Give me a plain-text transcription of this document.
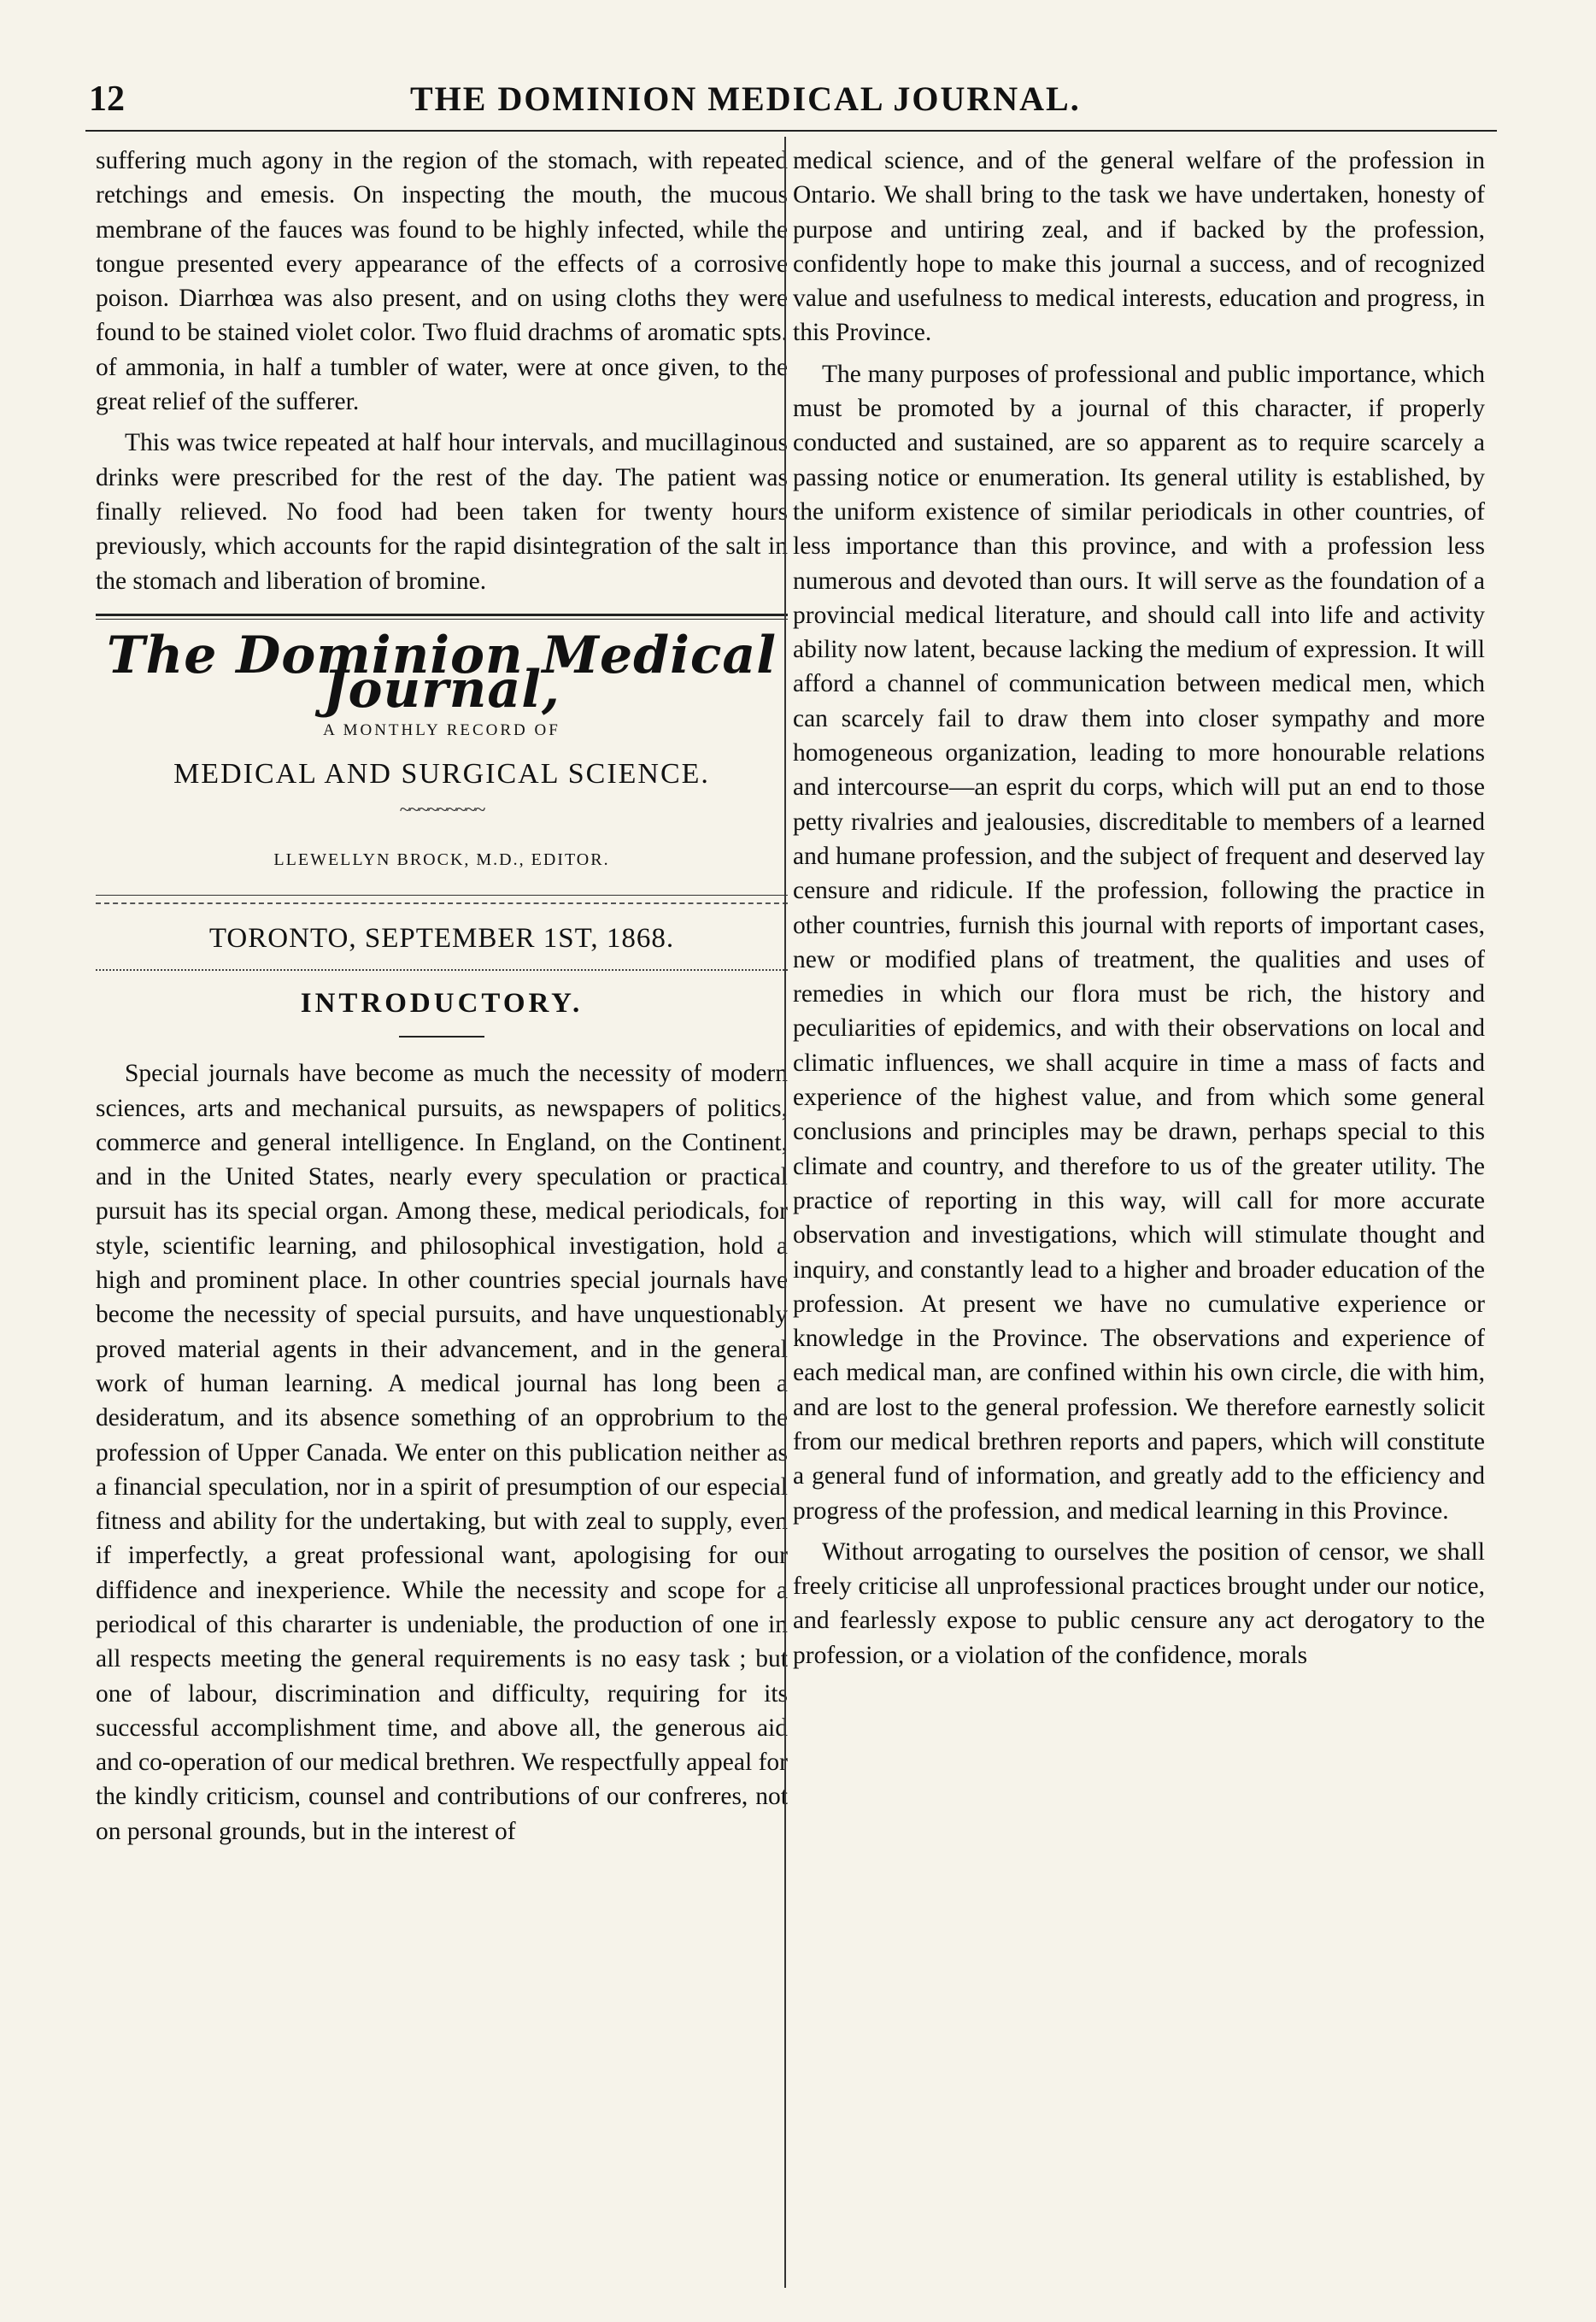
12	THE DOMINION MEDICAL JOURNAL.

suffering much agony in the region of the stomach, with repeated retchings and emesis. On inspecting the mouth, the mucous membrane of the fauces was found to be highly infected, while the tongue presented every appearance of the effects of a corrosive poison. Diarrhœa was also present, and on using cloths they were found to be stained violet color. Two fluid drachms of aromatic spts. of ammonia, in half a tumbler of water, were at once given, to the great relief of the sufferer.

This was twice repeated at half hour intervals, and mucillaginous drinks were prescribed for the rest of the day. The patient was finally relieved. No food had been taken for twenty hours previously, which accounts for the rapid disintegration of the salt in the stomach and liberation of bromine.

The Dominion Medical Journal,
A MONTHLY RECORD OF
MEDICAL AND SURGICAL SCIENCE.
~~~~~~~~~
LLEWELLYN BROCK, M.D., EDITOR.
TORONTO, SEPTEMBER 1ST, 1868.
INTRODUCTORY.

Special journals have become as much the necessity of modern sciences, arts and mechanical pursuits, as newspapers of politics, commerce and general intelligence. In England, on the Continent, and in the United States, nearly every speculation or practical pursuit has its special organ. Among these, medical periodicals, for style, scientific learning, and philosophical investigation, hold a high and prominent place. In other countries special journals have become the necessity of special pursuits, and have unquestionably proved material agents in their advancement, and in the general work of human learning. A medical journal has long been a desideratum, and its absence something of an opprobrium to the profession of Upper Canada. We enter on this publication neither as a financial speculation, nor in a spirit of presumption of our especial fitness and ability for the undertaking, but with zeal to supply, even if imperfectly, a great professional want, apologising for our diffidence and inexperience. While the necessity and scope for a periodical of this chararter is undeniable, the production of one in all respects meeting the general requirements is no easy task ; but one of labour, discrimination and difficulty, requiring for its successful accomplishment time, and above all, the generous aid and co-operation of our medical brethren. We respectfully appeal for the kindly criticism, counsel and contributions of our confreres, not on personal grounds, but in the interest of

medical science, and of the general welfare of the profession in Ontario. We shall bring to the task we have undertaken, honesty of purpose and untiring zeal, and if backed by the profession, confidently hope to make this journal a success, and of recognized value and usefulness to medical interests, education and progress, in this Province.

The many purposes of professional and public importance, which must be promoted by a journal of this character, if properly conducted and sustained, are so apparent as to require scarcely a passing notice or enumeration. Its general utility is established, by the uniform existence of similar periodicals in other countries, of less importance than this province, and with a profession less numerous and devoted than ours. It will serve as the foundation of a provincial medical literature, and should call into life and activity ability now latent, because lacking the medium of expression. It will afford a channel of communication between medical men, which can scarcely fail to draw them into closer sympathy and more homogeneous organization, leading to more honourable relations and intercourse—an esprit du corps, which will put an end to those petty rivalries and jealousies, discreditable to members of a learned and humane profession, and the subject of frequent and deserved lay censure and ridicule. If the profession, following the practice in other countries, furnish this journal with reports of important cases, new or modified plans of treatment, the qualities and uses of remedies in which our flora must be rich, the history and peculiarities of epidemics, and with their observations on local and climatic influences, we shall acquire in time a mass of facts and experience of the highest value, and from which some general conclusions and principles may be drawn, perhaps special to this climate and country, and therefore to us of the greater utility. The practice of reporting in this way, will call for more accurate observation and investigations, which will stimulate thought and inquiry, and constantly lead to a higher and broader education of the profession. At present we have no cumulative experience or knowledge in the Province. The observations and experience of each medical man, are confined within his own circle, die with him, and are lost to the general profession. We therefore earnestly solicit from our medical brethren reports and papers, which will constitute a general fund of information, and greatly add to the efficiency and progress of the profession, and medical learning in this Province.

Without arrogating to ourselves the position of censor, we shall freely criticise all unprofessional practices brought under our notice, and fearlessly expose to public censure any act derogatory to the profession, or a violation of the confidence, morals
